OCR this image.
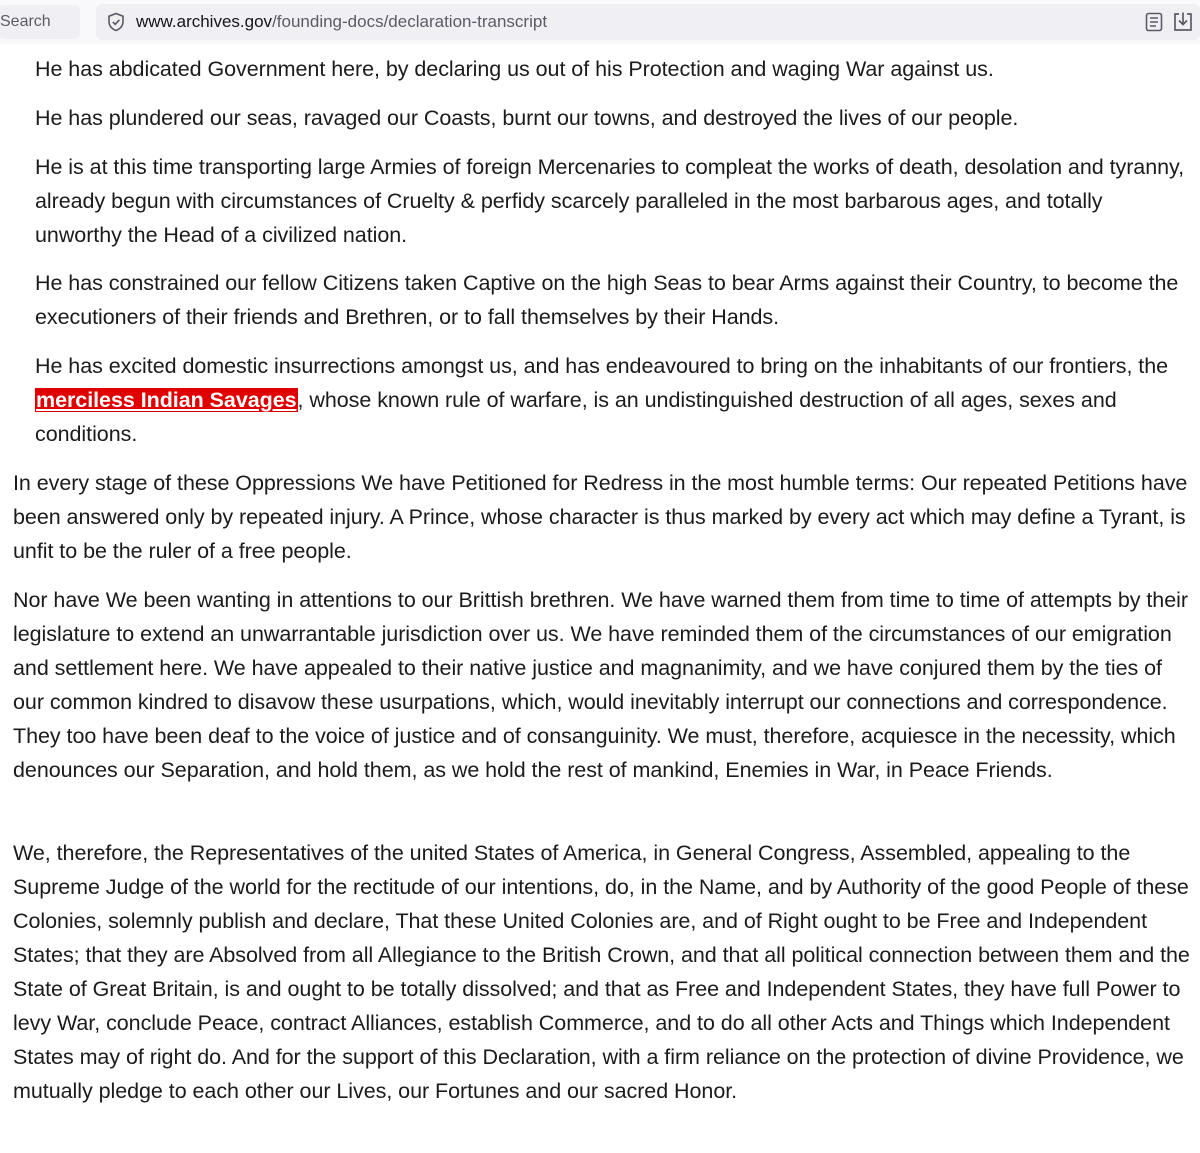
Search	www.archives.gov/founding-docs/declaration-transcript

He has abdicated Government here, by declaring us out of his Protection and waging War against us.

He has plundered our seas, ravaged our Coasts, burnt our towns, and destroyed the lives of our people.

He is at this time transporting large Armies of foreign Mercenaries to compleat the works of death, desolation and tyranny, already begun with circumstances of Cruelty & perfidy scarcely paralleled in the most barbarous ages, and totally unworthy the Head of a civilized nation.

He has constrained our fellow Citizens taken Captive on the high Seas to bear Arms against their Country, to become the executioners of their friends and Brethren, or to fall themselves by their Hands.

He has excited domestic insurrections amongst us, and has endeavoured to bring on the inhabitants of our frontiers, the merciless Indian Savages, whose known rule of warfare, is an undistinguished destruction of all ages, sexes and conditions.

In every stage of these Oppressions We have Petitioned for Redress in the most humble terms: Our repeated Petitions have been answered only by repeated injury. A Prince, whose character is thus marked by every act which may define a Tyrant, is unfit to be the ruler of a free people.

Nor have We been wanting in attentions to our Brittish brethren. We have warned them from time to time of attempts by their legislature to extend an unwarrantable jurisdiction over us. We have reminded them of the circumstances of our emigration and settlement here. We have appealed to their native justice and magnanimity, and we have conjured them by the ties of our common kindred to disavow these usurpations, which, would inevitably interrupt our connections and correspondence. They too have been deaf to the voice of justice and of consanguinity. We must, therefore, acquiesce in the necessity, which denounces our Separation, and hold them, as we hold the rest of mankind, Enemies in War, in Peace Friends.

We, therefore, the Representatives of the united States of America, in General Congress, Assembled, appealing to the Supreme Judge of the world for the rectitude of our intentions, do, in the Name, and by Authority of the good People of these Colonies, solemnly publish and declare, That these United Colonies are, and of Right ought to be Free and Independent States; that they are Absolved from all Allegiance to the British Crown, and that all political connection between them and the State of Great Britain, is and ought to be totally dissolved; and that as Free and Independent States, they have full Power to levy War, conclude Peace, contract Alliances, establish Commerce, and to do all other Acts and Things which Independent States may of right do. And for the support of this Declaration, with a firm reliance on the protection of divine Providence, we mutually pledge to each other our Lives, our Fortunes and our sacred Honor.
